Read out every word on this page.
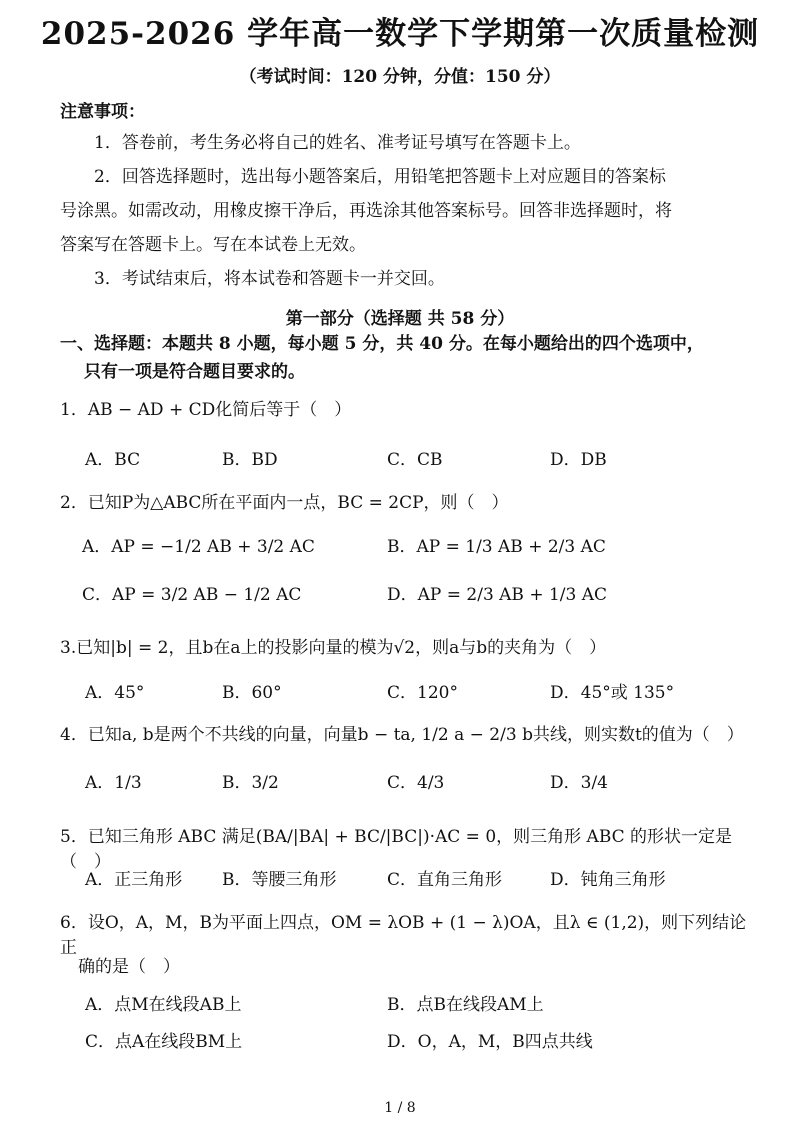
2025-2026 学年高一数学下学期第一次质量检测
（考试时间：120 分钟，分值：150 分）
注意事项：
1．答卷前，考生务必将自己的姓名、准考证号填写在答题卡上。
2．回答选择题时，选出每小题答案后，用铅笔把答题卡上对应题目的答案标
号涂黑。如需改动，用橡皮擦干净后，再选涂其他答案标号。回答非选择题时，将
答案写在答题卡上。写在本试卷上无效。
3．考试结束后，将本试卷和答题卡一并交回。
第一部分（选择题 共 58 分）
一、选择题：本题共 8 小题，每小题 5 分，共 40 分。在每小题给出的四个选项中，
只有一项是符合题目要求的。
1．AB − AD + CD化简后等于（　）
A．BC	B．BD	C．CB	D．DB
2．已知P为△ABC所在平面内一点，BC = 2CP，则（　）
A．AP = −1/2 AB + 3/2 AC	B．AP = 1/3 AB + 2/3 AC
C．AP = 3/2 AB − 1/2 AC	D．AP = 2/3 AB + 1/3 AC
3.已知|b| = 2，且b在a上的投影向量的模为√2，则a与b的夹角为（　）
A．45°	B．60°	C．120°	D．45°或 135°
4．已知a, b是两个不共线的向量，向量b − ta, 1/2 a − 2/3 b共线，则实数t的值为（　）
A．1/3	B．3/2	C．4/3	D．3/4
5．已知三角形 ABC 满足(BA/|BA| + BC/|BC|)·AC = 0，则三角形 ABC 的形状一定是（　）
A．正三角形 B．等腰三角形	C．直角三角形	D．钝角三角形
6．设O，A，M，B为平面上四点，OM = λOB + (1 − λ)OA，且λ ∈ (1,2)，则下列结论正
确的是（　）
A．点M在线段AB上	B．点B在线段AM上
C．点A在线段BM上	D．O，A，M，B四点共线
1 / 8
